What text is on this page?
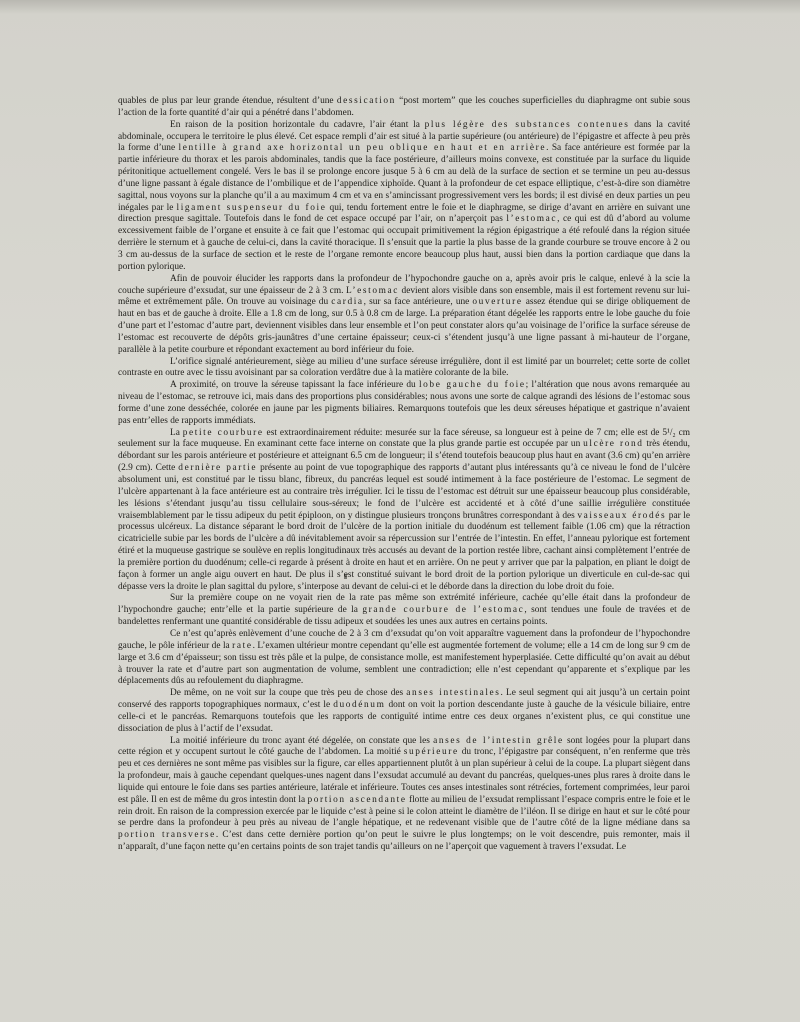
quables de plus par leur grande étendue, résultent d’une dessication “post mortem” que les couches superficielles du diaphragme ont subie sous l’action de la forte quantité d’air qui a pénétré dans l’abdomen.

En raison de la position horizontale du cadavre, l’air étant la plus légère des substances contenues dans la cavité abdominale, occupera le territoire le plus élevé. Cet espace rempli d’air est situé à la partie supérieure (ou antérieure) de l’épigastre et affecte à peu près la forme d’une lentille à grand axe horizontal un peu oblique en haut et en arrière. Sa face antérieure est formée par la partie inférieure du thorax et les parois abdominales, tandis que la face postérieure, d’ailleurs moins convexe, est constituée par la surface du liquide péritonitique actuellement congelé. Vers le bas il se prolonge encore jusque 5 à 6 cm au delà de la surface de section et se termine un peu au-dessus d’une ligne passant à égale distance de l’ombilique et de l’appendice xiphoïde. Quant à la profondeur de cet espace elliptique, c’est-à-dire son diamètre sagittal, nous voyons sur la planche qu’il a au maximum 4 cm et va en s’amincissant progressivement vers les bords; il est divisé en deux parties un peu inégales par le ligament suspenseur du foie qui, tendu fortement entre le foie et le diaphragme, se dirige d’avant en arrière en suivant une direction presque sagittale. Toutefois dans le fond de cet espace occupé par l’air, on n’aperçoit pas l’estomac, ce qui est dû d’abord au volume excessivement faible de l’organe et ensuite à ce fait que l’estomac qui occupait primitivement la région épigastrique a été refoulé dans la région située derrière le sternum et à gauche de celui-ci, dans la cavité thoracique. Il s’ensuit que la partie la plus basse de la grande courbure se trouve encore à 2 ou 3 cm au-dessus de la surface de section et le reste de l’organe remonte encore beaucoup plus haut, aussi bien dans la portion cardiaque que dans la portion pylorique.

Afin de pouvoir élucider les rapports dans la profondeur de l’hypochondre gauche on a, après avoir pris le calque, enlevé à la scie la couche supérieure d’exsudat, sur une épaisseur de 2 à 3 cm. L’estomac devient alors visible dans son ensemble, mais il est fortement revenu sur lui-même et extrêmement pâle. On trouve au voisinage du cardia, sur sa face antérieure, une ouverture assez étendue qui se dirige obliquement de haut en bas et de gauche à droite. Elle a 1.8 cm de long, sur 0.5 à 0.8 cm de large. La préparation étant dégelée les rapports entre le lobe gauche du foie d’une part et l’estomac d’autre part, deviennent visibles dans leur ensemble et l’on peut constater alors qu’au voisinage de l’orifice la surface séreuse de l’estomac est recouverte de dépôts gris-jaunâtres d’une certaine épaisseur; ceux-ci s’étendent jusqu’à une ligne passant à mi-hauteur de l’organe, parallèle à la petite courbure et répondant exactement au bord inférieur du foie.

L’orifice signalé antérieurement, siège au milieu d’une surface séreuse irrégulière, dont il est limité par un bourrelet; cette sorte de collet contraste en outre avec le tissu avoisinant par sa coloration verdâtre due à la matière colorante de la bile.

A proximité, on trouve la séreuse tapissant la face inférieure du lobe gauche du foie; l’altération que nous avons remarquée au niveau de l’estomac, se retrouve ici, mais dans des proportions plus considérables; nous avons une sorte de calque agrandi des lésions de l’estomac sous forme d’une zone desséchée, colorée en jaune par les pigments biliaires. Remarquons toutefois que les deux séreuses hépatique et gastrique n’avaient pas entr’elles de rapports immédiats.

La petite courbure est extraordinairement réduite: mesurée sur la face séreuse, sa longueur est à peine de 7 cm; elle est de 5¹/₂ cm seulement sur la face muqueuse. En examinant cette face interne on constate que la plus grande partie est occupée par un ulcère rond très étendu, débordant sur les parois antérieure et postérieure et atteignant 6.5 cm de longueur; il s’étend toutefois beaucoup plus haut en avant (3.6 cm) qu’en arrière (2.9 cm). Cette dernière partie présente au point de vue topographique des rapports d’autant plus intéressants qu’à ce niveau le fond de l’ulcère absolument uni, est constitué par le tissu blanc, fibreux, du pancréas lequel est soudé intimement à la face postérieure de l’estomac. Le segment de l’ulcère appartenant à la face antérieure est au contraire très irrégulier. Ici le tissu de l’estomac est détruit sur une épaisseur beaucoup plus considérable, les lésions s’étendant jusqu’au tissu cellulaire sous-séreux; le fond de l’ulcère est accidenté et à côté d’une saillie irrégulière constituée vraisemblablement par le tissu adipeux du petit épiploon, on y distingue plusieurs tronçons brunâtres correspondant à des vaisseaux érodés par le processus ulcéreux. La distance séparant le bord droit de l’ulcère de la portion initiale du duodénum est tellement faible (1.06 cm) que la rétraction cicatricielle subie par les bords de l’ulcère a dû inévitablement avoir sa répercussion sur l’entrée de l’intestin. En effet, l’anneau pylorique est fortement étiré et la muqueuse gastrique se soulève en replis longitudinaux très accusés au devant de la portion restée libre, cachant ainsi complètement l’entrée de la première portion du duodénum; celle-ci regarde à présent à droite en haut et en arrière. On ne peut y arriver que par la palpation, en pliant le doigt de façon à former un angle aigu ouvert en haut. De plus il s’est constitué suivant le bord droit de la portion pylorique un diverticule en cul-de-sac qui dépasse vers la droite le plan sagittal du pylore, s’interpose au devant de celui-ci et le déborde dans la direction du lobe droit du foie.

Sur la première coupe on ne voyait rien de la rate pas même son extrémité inférieure, cachée qu’elle était dans la profondeur de l’hypochondre gauche; entr’elle et la partie supérieure de la grande courbure de l’estomac, sont tendues une foule de travées et de bandelettes renfermant une quantité considérable de tissu adipeux et soudées les unes aux autres en certains points.

Ce n’est qu’après enlèvement d’une couche de 2 à 3 cm d’exsudat qu’on voit apparaître vaguement dans la profondeur de l’hypochondre gauche, le pôle inférieur de la rate. L’examen ultérieur montre cependant qu’elle est augmentée fortement de volume; elle a 14 cm de long sur 9 cm de large et 3.6 cm d’épaisseur; son tissu est très pâle et la pulpe, de consistance molle, est manifestement hyperplasiée. Cette difficulté qu’on avait au début à trouver la rate et d’autre part son augmentation de volume, semblent une contradiction; elle n’est cependant qu’apparente et s’explique par les déplacements dûs au refoulement du diaphragme.

De même, on ne voit sur la coupe que très peu de chose des anses intestinales. Le seul segment qui ait jusqu’à un certain point conservé des rapports topographiques normaux, c’est le duodénum dont on voit la portion descendante juste à gauche de la vésicule biliaire, entre celle-ci et le pancréas. Remarquons toutefois que les rapports de contiguïté intime entre ces deux organes n’existent plus, ce qui constitue une dissociation de plus à l’actif de l’exsudat.

La moitié inférieure du tronc ayant été dégelée, on constate que les anses de l’intestin grêle sont logées pour la plupart dans cette région et y occupent surtout le côté gauche de l’abdomen. La moitié supérieure du tronc, l’épigastre par conséquent, n’en renferme que très peu et ces dernières ne sont même pas visibles sur la figure, car elles appartiennent plutôt à un plan supérieur à celui de la coupe. La plupart siègent dans la profondeur, mais à gauche cependant quelques-unes nagent dans l’exsudat accumulé au devant du pancréas, quelques-unes plus rares à droite dans le liquide qui entoure le foie dans ses parties antérieure, latérale et inférieure. Toutes ces anses intestinales sont rétrécies, fortement comprimées, leur paroi est pâle. Il en est de même du gros intestin dont la portion ascendante flotte au milieu de l’exsudat remplissant l’espace compris entre le foie et le rein droit. En raison de la compression exercée par le liquide c’est à peine si le colon atteint le diamètre de l’iléon. Il se dirige en haut et sur le côté pour se perdre dans la profondeur à peu près au niveau de l’angle hépatique, et ne redevenant visible que de l’autre côté de la ligne médiane dans sa portion transverse. C’est dans cette dernière portion qu’on peut le suivre le plus longtemps; on le voit descendre, puis remonter, mais il n’apparaît, d’une façon nette qu’en certains points de son trajet tandis qu’ailleurs on ne l’aperçoit que vaguement à travers l’exsudat. Le
